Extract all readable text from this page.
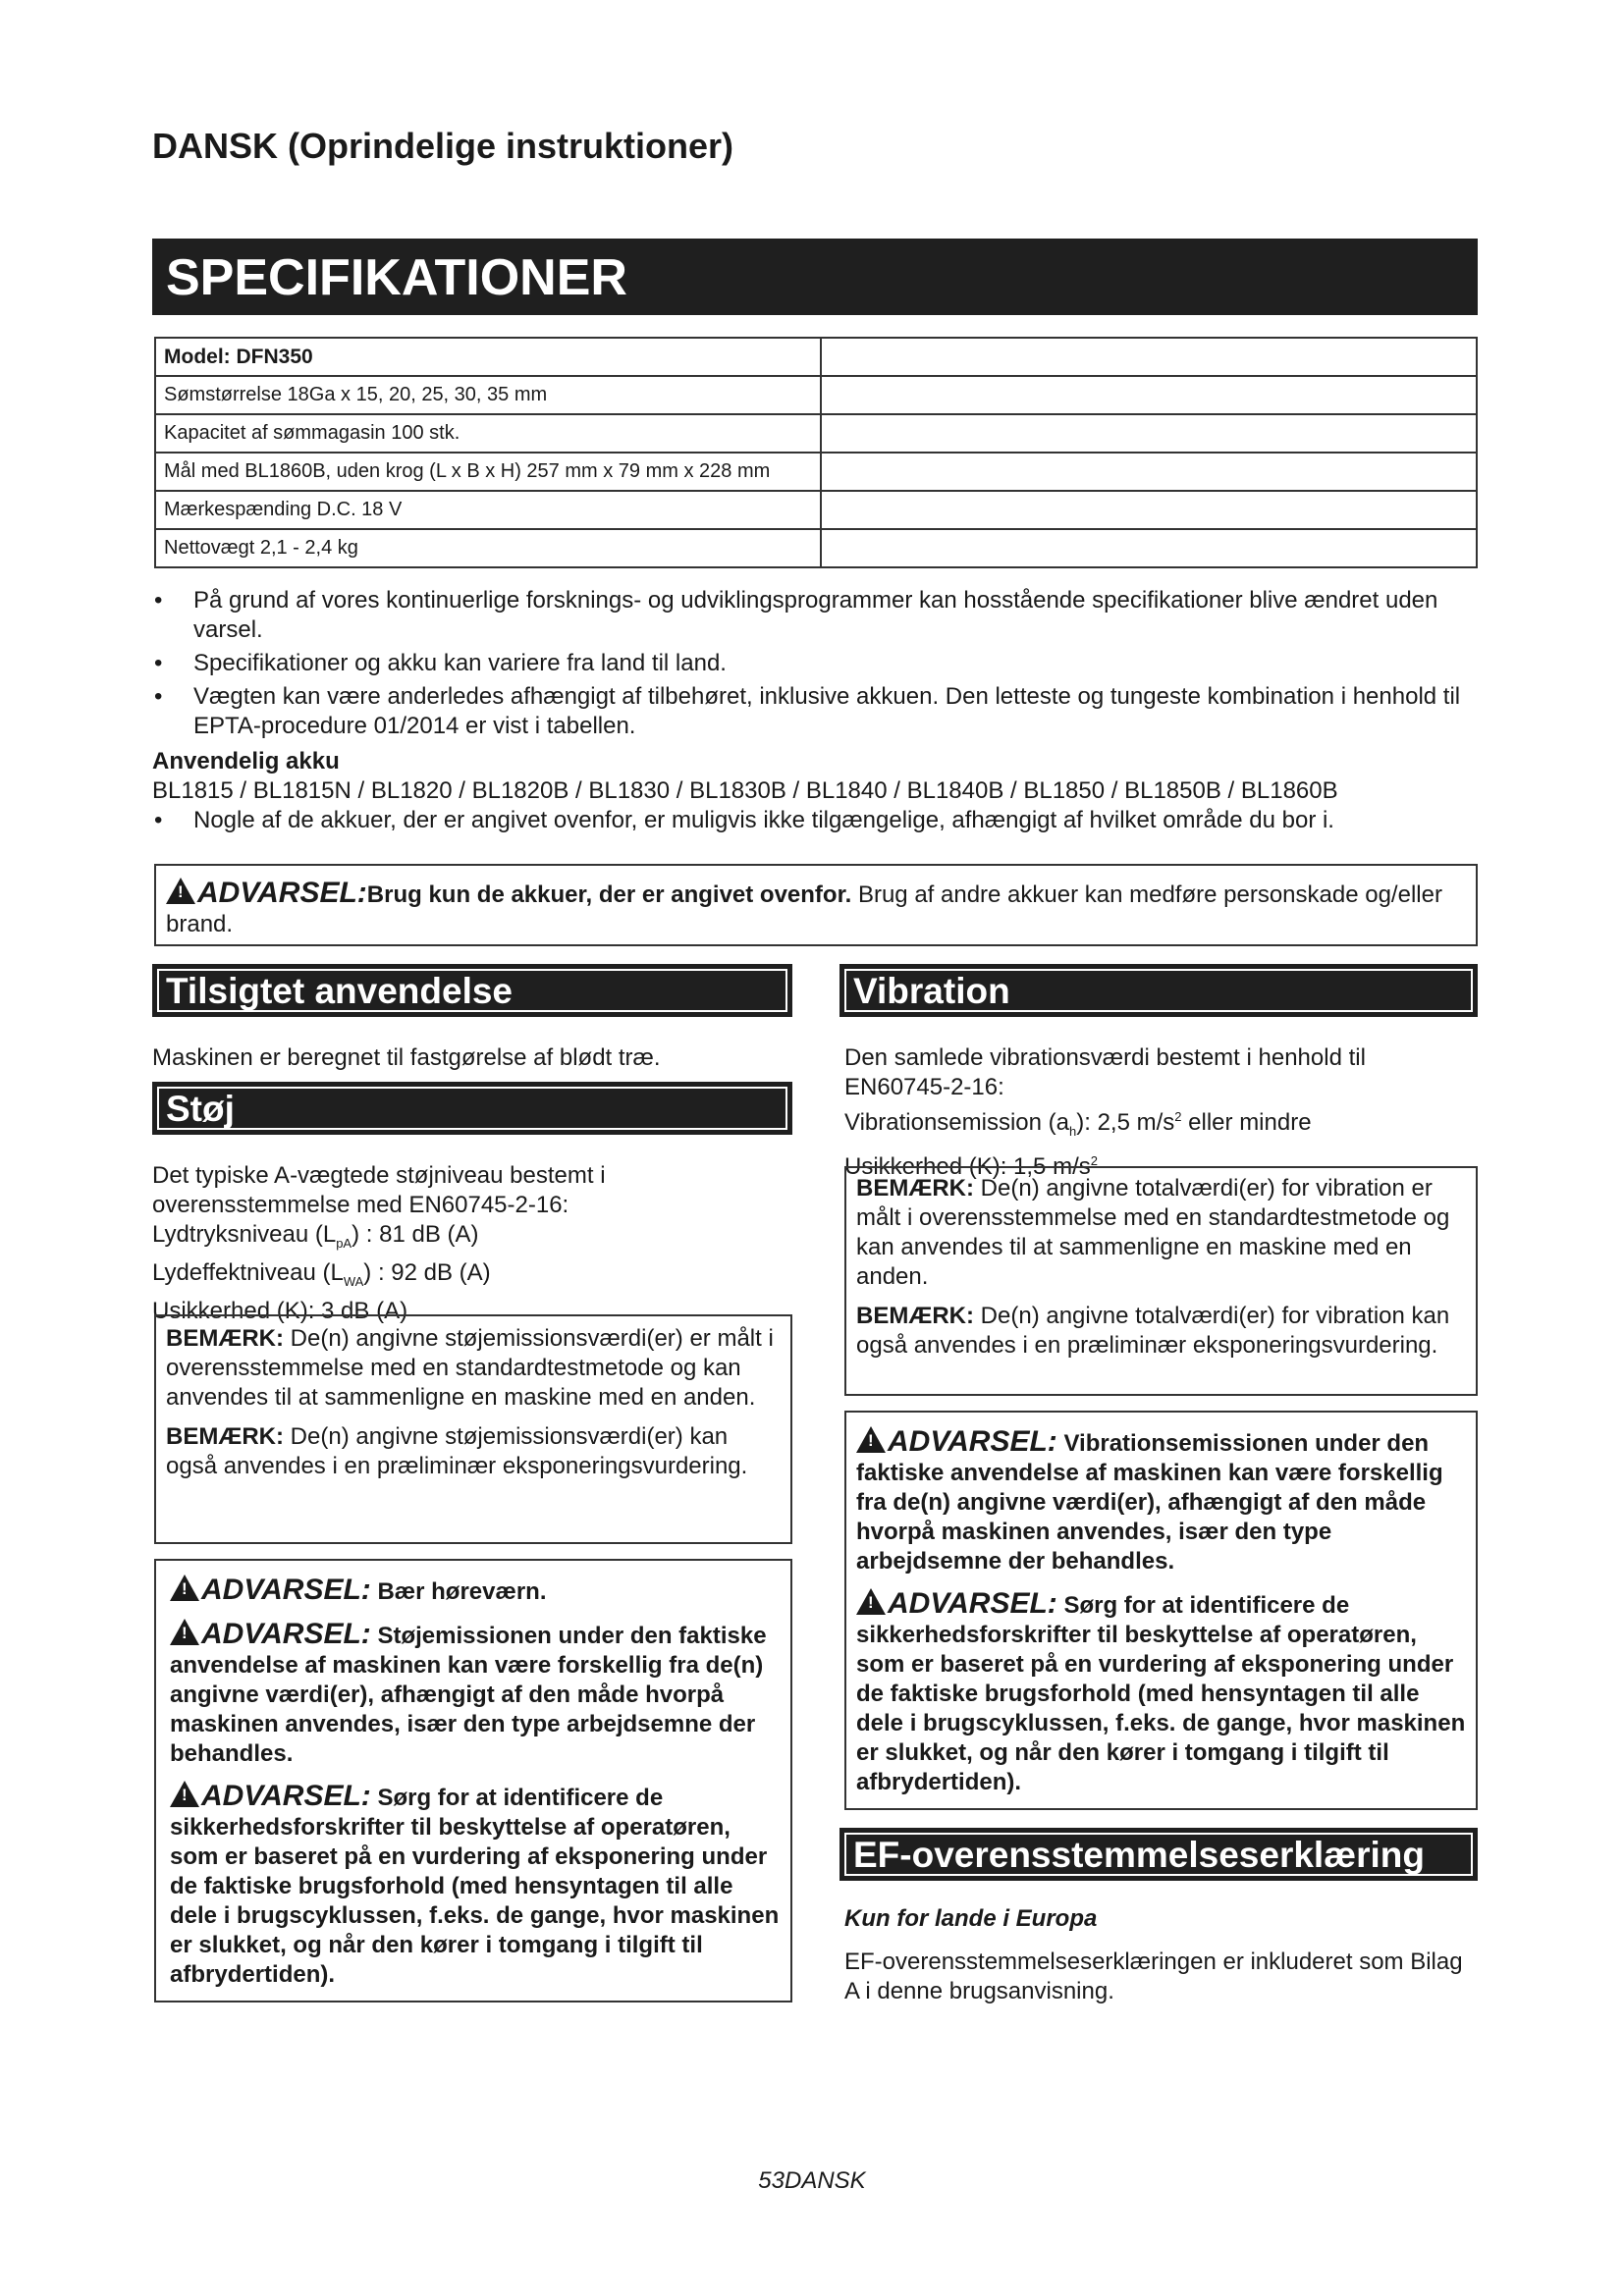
DANSK (Oprindelige instruktioner)
SPECIFIKATIONER
Model: DFN350	
Sømstørrelse 18Ga x 15, 20, 25, 30, 35 mm	
Kapacitet af sømmagasin 100 stk.	
Mål med BL1860B, uden krog (L x B x H) 257 mm x 79 mm x 228 mm	
Mærkespænding D.C. 18 V	
Nettovægt 2,1 - 2,4 kg	
• På grund af vores kontinuerlige forsknings- og udviklingsprogrammer kan hosstående specifikationer blive ændret uden varsel.
• Specifikationer og akku kan variere fra land til land.
• Vægten kan være anderledes afhængigt af tilbehøret, inklusive akkuen. Den letteste og tungeste kombination i henhold til EPTA-procedure 01/2014 er vist i tabellen.
Anvendelig akku
BL1815 / BL1815N / BL1820 / BL1820B / BL1830 / BL1830B / BL1840 / BL1840B / BL1850 / BL1850B / BL1860B
• Nogle af de akkuer, der er angivet ovenfor, er muligvis ikke tilgængelige, afhængigt af hvilket område du bor i.
!ADVARSEL:Brug kun de akkuer, der er angivet ovenfor. Brug af andre akkuer kan medføre personskade og/eller brand.
Tilsigtet anvendelse
Maskinen er beregnet til fastgørelse af blødt træ.
Støj
Det typiske A-vægtede støjniveau bestemt i overensstemmelse med EN60745-2-16:
Lydtryksniveau $(L_{pA})$ : 81 dB (A)
Lydeffektniveau $(L_{WA})$ : 92 dB (A)
Usikkerhed (K): 3 dB (A)
BEMÆRK: De(n) angivne støjemissionsværdi(er) er målt i overensstemmelse med en standardtestmetode og kan anvendes til at sammenligne en maskine med en anden.
BEMÆRK: De(n) angivne støjemissionsværdi(er) kan også anvendes i en præliminær eksponeringsvurdering.
!ADVARSEL: Bær høreværn.
!ADVARSEL: Støjemissionen under den faktiske anvendelse af maskinen kan være forskellig fra de(n) angivne værdi(er), afhængigt af den måde hvorpå maskinen anvendes, især den type arbejdsemne der behandles.
!ADVARSEL: Sørg for at identificere de sikkerhedsforskrifter til beskyttelse af operatøren, som er baseret på en vurdering af eksponering under de faktiske brugsforhold (med hensyntagen til alle dele i brugscyklussen, f.eks. de gange, hvor maskinen er slukket, og når den kører i tomgang i tilgift til afbrydertiden).
Vibration
Den samlede vibrationsværdi bestemt i henhold til EN60745-2-16:
Vibrationsemission $(a_h)$: 2,5 $m/s^2$ eller mindre
Usikkerhed (K): 1,5 $m/s^2$
BEMÆRK: De(n) angivne totalværdi(er) for vibration er målt i overensstemmelse med en standardtestmetode og kan anvendes til at sammenligne en maskine med en anden.
BEMÆRK: De(n) angivne totalværdi(er) for vibration kan også anvendes i en præliminær eksponeringsvurdering.
!ADVARSEL: Vibrationsemissionen under den faktiske anvendelse af maskinen kan være forskellig fra de(n) angivne værdi(er), afhængigt af den måde hvorpå maskinen anvendes, især den type arbejdsemne der behandles.
!ADVARSEL: Sørg for at identificere de sikkerhedsforskrifter til beskyttelse af operatøren, som er baseret på en vurdering af eksponering under de faktiske brugsforhold (med hensyntagen til alle dele i brugscyklussen, f.eks. de gange, hvor maskinen er slukket, og når den kører i tomgang i tilgift til afbrydertiden).
EF-overensstemmelseserklæring
Kun for lande i Europa
EF-overensstemmelseserklæringen er inkluderet som Bilag A i denne brugsanvisning.
53DANSK
